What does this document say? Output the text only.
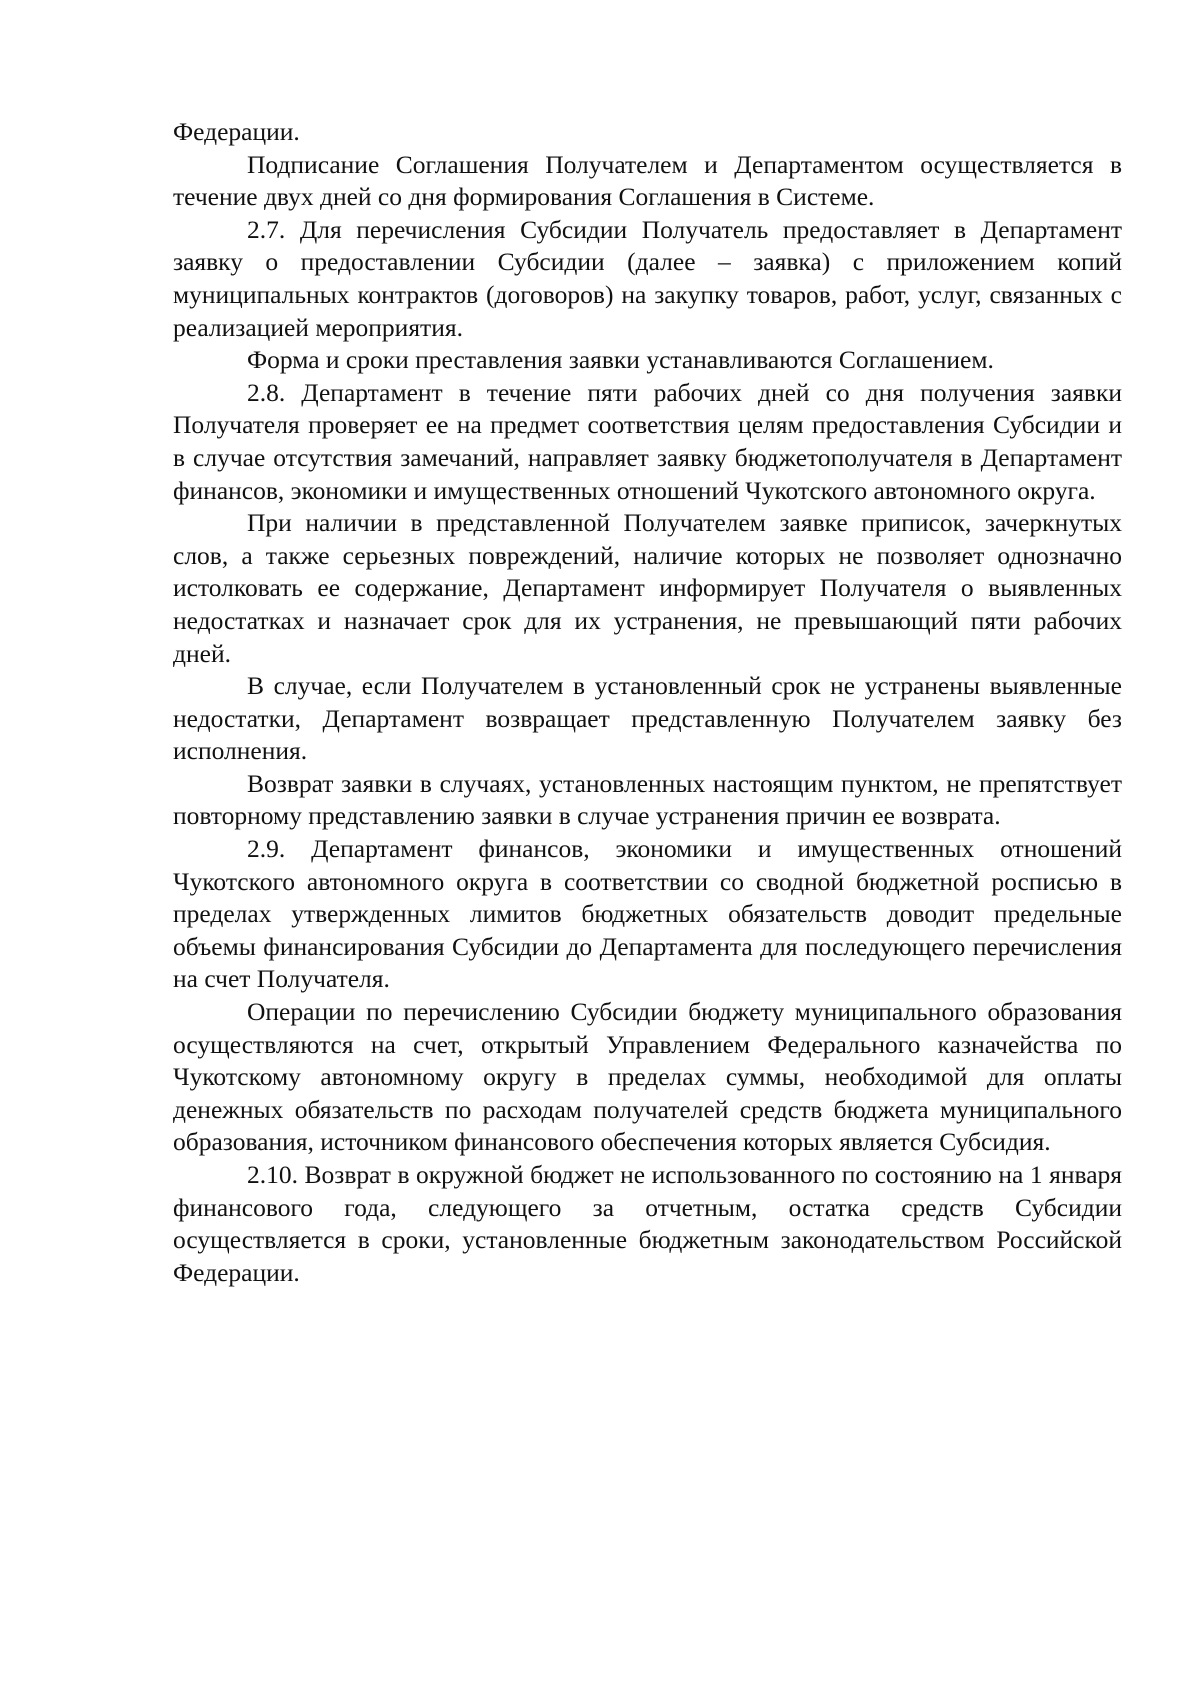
Федерации.

Подписание Соглашения Получателем и Департаментом осуществляется в течение двух дней со дня формирования Соглашения в Системе.

2.7. Для перечисления Субсидии Получатель предоставляет в Департамент заявку о предоставлении Субсидии (далее – заявка) с приложением копий муниципальных контрактов (договоров) на закупку товаров, работ, услуг, связанных с реализацией мероприятия.

Форма и сроки преставления заявки устанавливаются Соглашением.

2.8. Департамент в течение пяти рабочих дней со дня получения заявки Получателя проверяет ее на предмет соответствия целям предоставления Субсидии и в случае отсутствия замечаний, направляет заявку бюджетополучателя в Департамент финансов, экономики и имущественных отношений Чукотского автономного округа.

При наличии в представленной Получателем заявке приписок, зачеркнутых слов, а также серьезных повреждений, наличие которых не позволяет однозначно истолковать ее содержание, Департамент информирует Получателя о выявленных недостатках и назначает срок для их устранения, не превышающий пяти рабочих дней.

В случае, если Получателем в установленный срок не устранены выявленные недостатки, Департамент возвращает представленную Получателем заявку без исполнения.

Возврат заявки в случаях, установленных настоящим пунктом, не препятствует повторному представлению заявки в случае устранения причин ее возврата.

2.9. Департамент финансов, экономики и имущественных отношений Чукотского автономного округа в соответствии со сводной бюджетной росписью в пределах утвержденных лимитов бюджетных обязательств доводит предельные объемы финансирования Субсидии до Департамента для последующего перечисления на счет Получателя.

Операции по перечислению Субсидии бюджету муниципального образования осуществляются на счет, открытый Управлением Федерального казначейства по Чукотскому автономному округу в пределах суммы, необходимой для оплаты денежных обязательств по расходам получателей средств бюджета муниципального образования, источником финансового обеспечения которых является Субсидия.

2.10. Возврат в окружной бюджет не использованного по состоянию на 1 января финансового года, следующего за отчетным, остатка средств Субсидии осуществляется в сроки, установленные бюджетным законодательством Российской Федерации.
